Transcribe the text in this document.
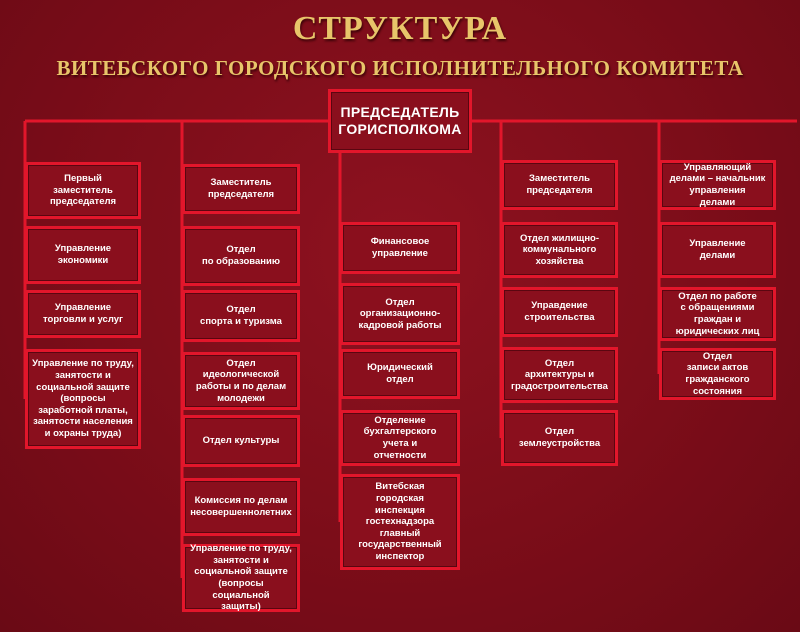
СТРУКТУРА
ВИТЕБСКОГО ГОРОДСКОГО ИСПОЛНИТЕЛЬНОГО КОМИТЕТА
ПРЕДСЕДАТЕЛЬ
ГОРИСПОЛКОМА
Первый
заместитель
председателя
Управление
экономики
Управление
торговли и услуг
Управление по труду,
занятости и
социальной защите
(вопросы
заработной платы,
занятости населения
и охраны труда)
Заместитель
председателя
Отдел
по образованию
Отдел
спорта и туризма
Отдел
идеологической
работы и по делам
молодежи
Отдел культуры
Комиссия по делам
несовершеннолетних
Управление по труду,
занятости и
социальной защите
(вопросы социальной
защиты)
Финансовое
управление
Отдел
организационно-
кадровой работы
Юридический
отдел
Отделение
бухгалтерского
учета и
отчетности
Витебская
городская
инспекция
гостехнадзора
главный
государственный
инспектор
Заместитель
председателя
Отдел жилищно-
коммунального
хозяйства
Управдение
строительства
Отдел
архитектуры и
градостроительства
Отдел
землеустройства
Управляющий
делами – начальник
управления
делами
Управление
делами
Отдел по работе
с обращениями
граждан и
юридических лиц
Отдел
записи актов
гражданского
состояния
